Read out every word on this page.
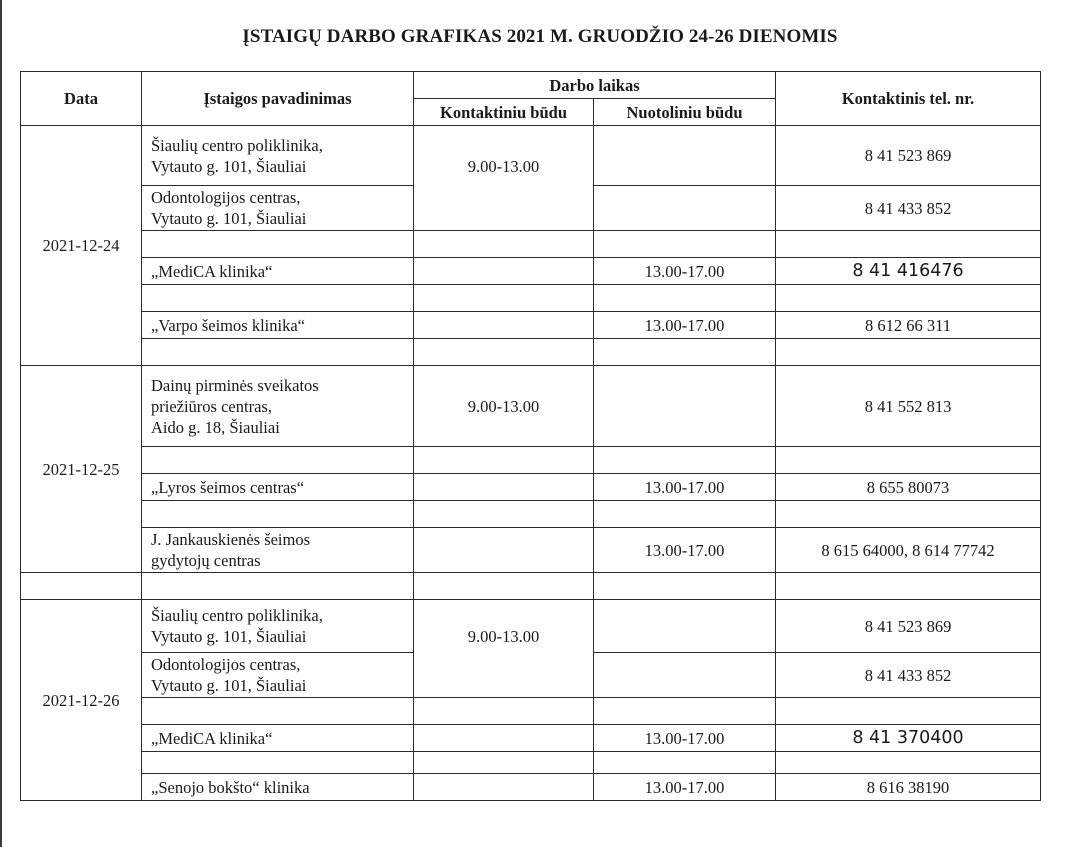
ĮSTAIGŲ DARBO GRAFIKAS 2021 M. GRUODŽIO 24-26 DIENOMIS
Data	Įstaigos pavadinimas	Darbo laikas		Kontaktinis tel. nr.	
		Kontaktiniu būdu	Nuotoliniu būdu		
2021-12-24	Šiaulių centro poliklinika,
Vytauto g. 101, Šiauliai	9.00-13.00		8 41 523 869	
	Odontologijos centras,
Vytauto g. 101, Šiauliai			8 41 433 852	

	„MediCA klinika“		13.00-17.00	8 41 416476	

	„Varpo šeimos klinika“		13.00-17.00	8 612 66 311	

2021-12-25	Dainų pirminės sveikatos
priežiūros centras,
Aido g. 18, Šiauliai	9.00-13.00		8 41 552 813	

	„Lyros šeimos centras“		13.00-17.00	8 655 80073	

	J. Jankauskienės šeimos
gydytojų centras		13.00-17.00	8 615 64000, 8 614 77742	

2021-12-26	Šiaulių centro poliklinika,
Vytauto g. 101, Šiauliai	9.00-13.00		8 41 523 869	
	Odontologijos centras,
Vytauto g. 101, Šiauliai			8 41 433 852	

	„MediCA klinika“		13.00-17.00	8 41 370400	

	„Senojo bokšto“ klinika		13.00-17.00	8 616 38190	
